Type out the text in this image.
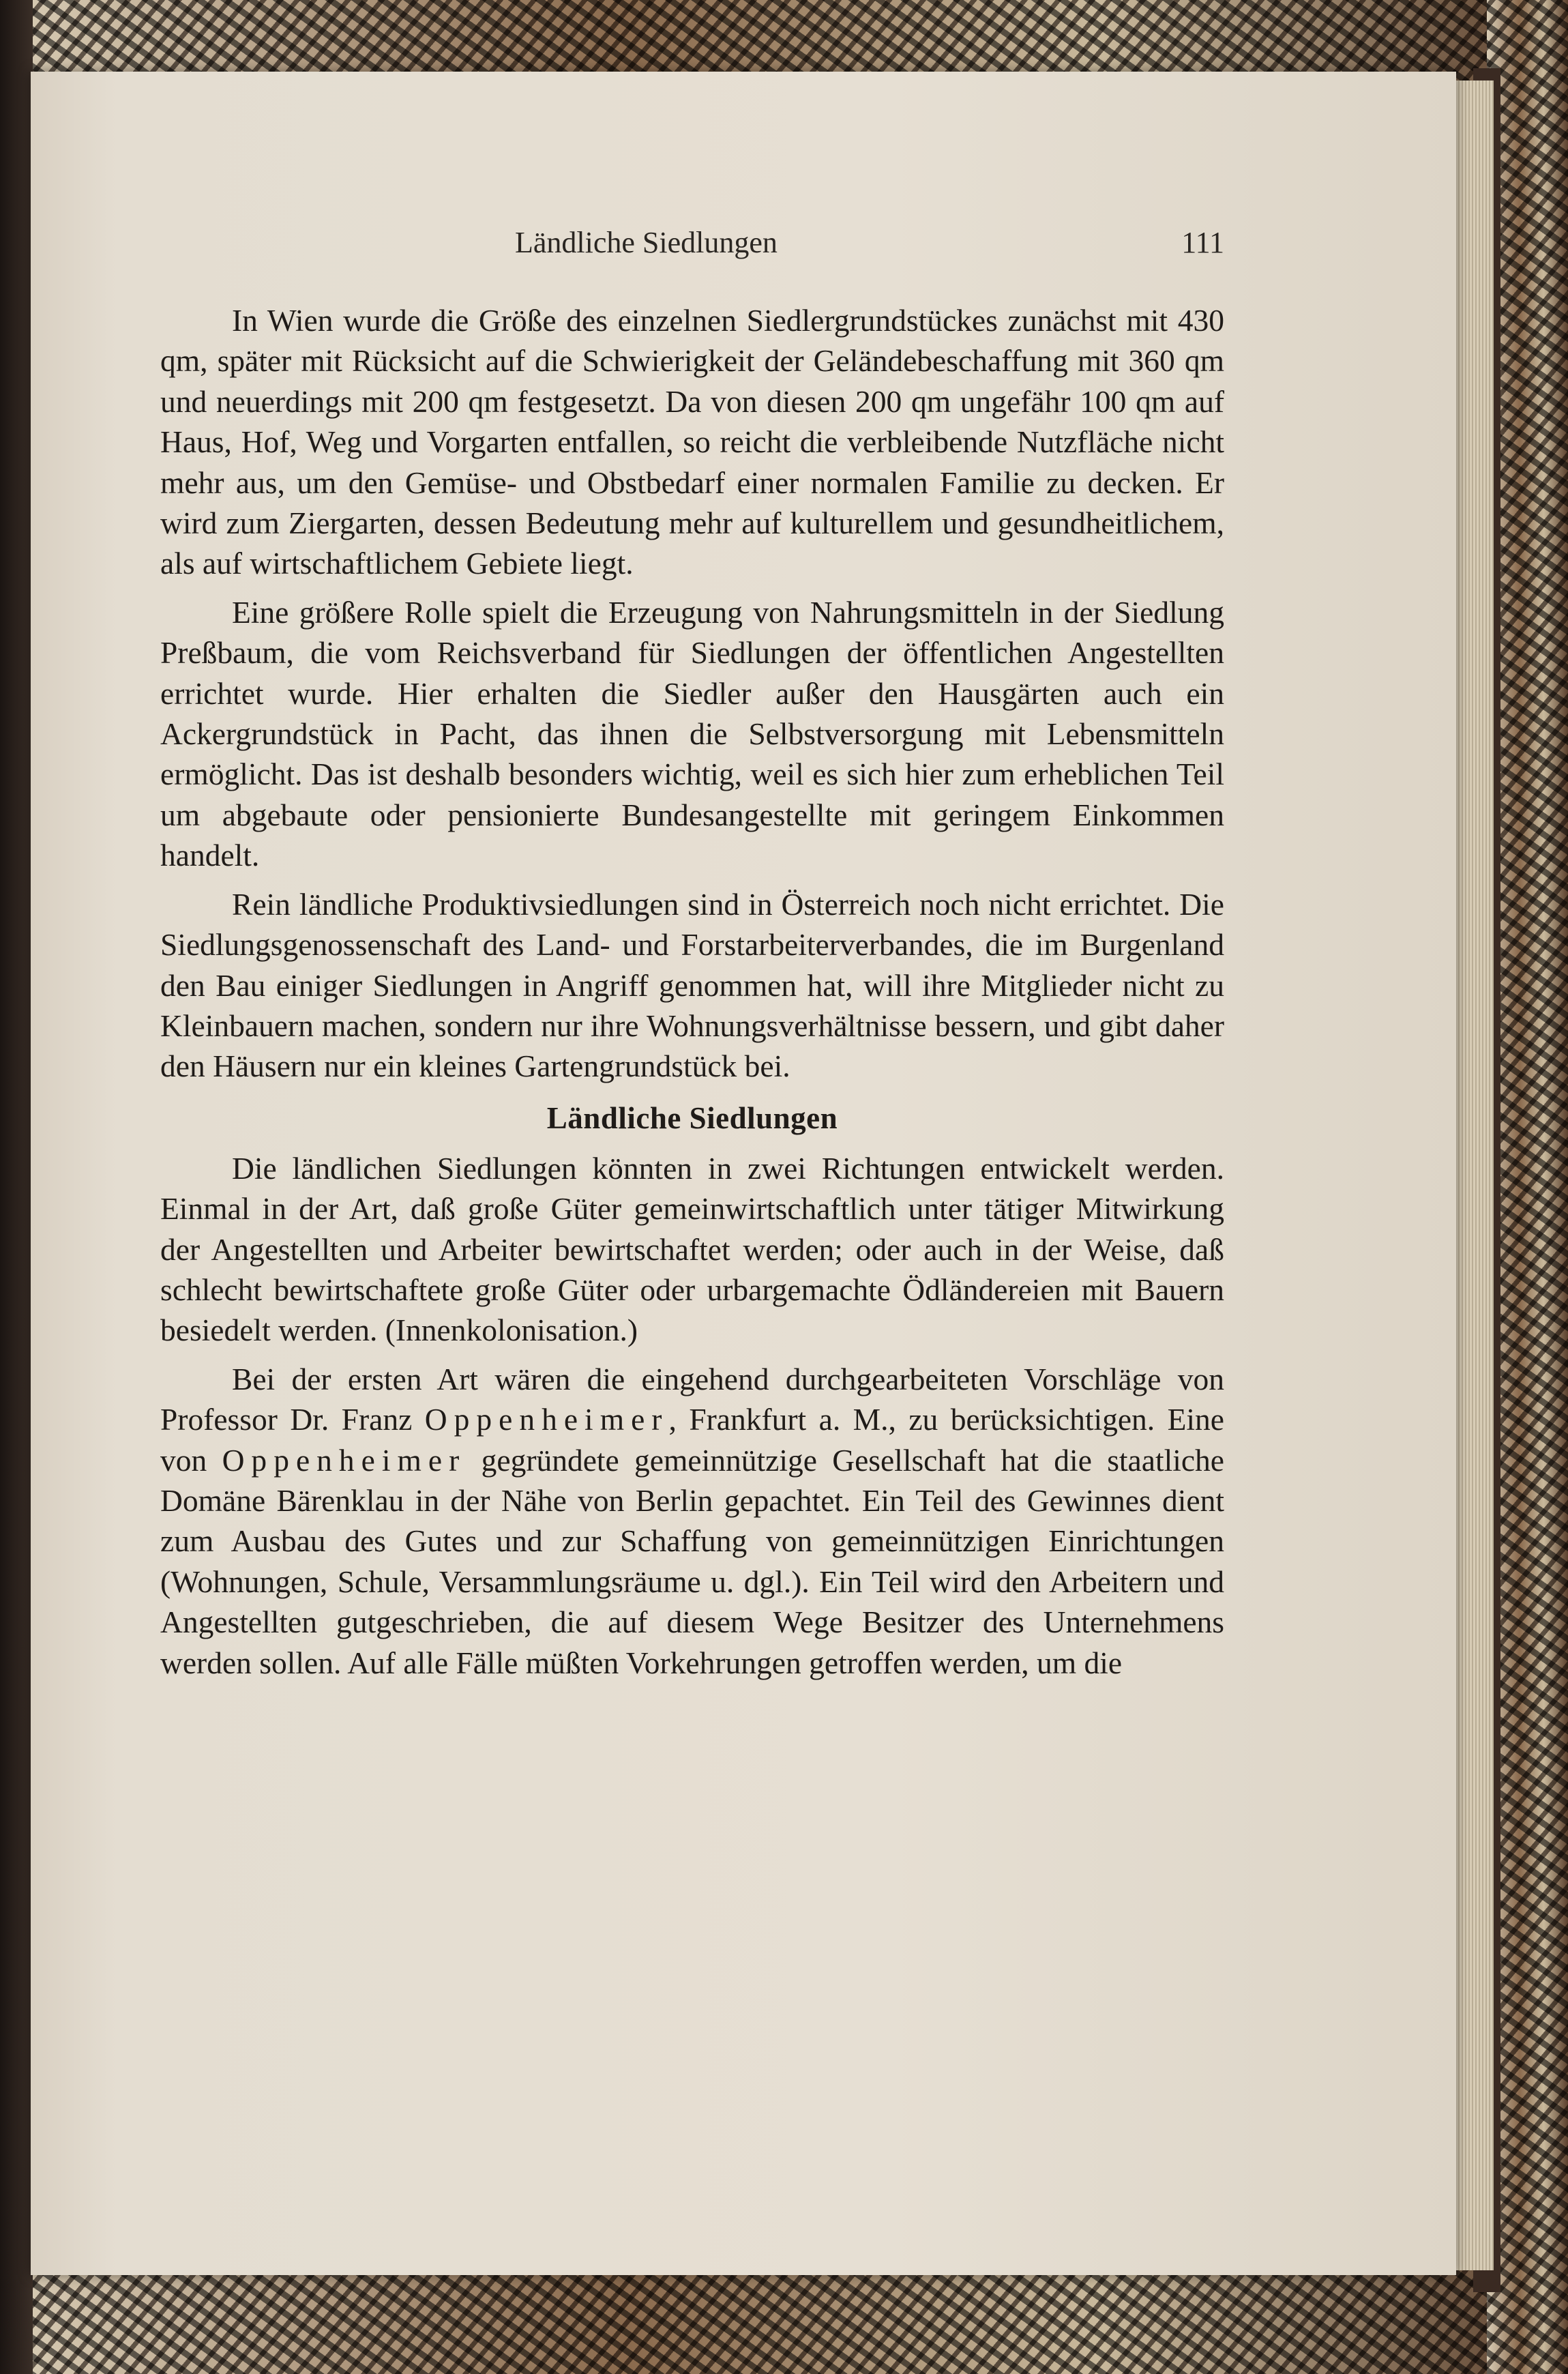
Ländliche Siedlungen	111

In Wien wurde die Größe des einzelnen Siedlergrundstückes zunächst mit 430 qm, später mit Rücksicht auf die Schwierigkeit der Geländebeschaffung mit 360 qm und neuerdings mit 200 qm festgesetzt. Da von diesen 200 qm ungefähr 100 qm auf Haus, Hof, Weg und Vorgarten entfallen, so reicht die verbleibende Nutzfläche nicht mehr aus, um den Gemüse- und Obstbedarf einer normalen Familie zu decken. Er wird zum Ziergarten, dessen Bedeutung mehr auf kulturellem und gesundheitlichem, als auf wirtschaftlichem Gebiete liegt.

Eine größere Rolle spielt die Erzeugung von Nahrungsmitteln in der Siedlung Preßbaum, die vom Reichsverband für Siedlungen der öffentlichen Angestellten errichtet wurde. Hier erhalten die Siedler außer den Hausgärten auch ein Ackergrundstück in Pacht, das ihnen die Selbstversorgung mit Lebensmitteln ermöglicht. Das ist deshalb besonders wichtig, weil es sich hier zum erheblichen Teil um abgebaute oder pensionierte Bundesangestellte mit geringem Einkommen handelt.

Rein ländliche Produktivsiedlungen sind in Österreich noch nicht errichtet. Die Siedlungsgenossenschaft des Land- und Forstarbeiterverbandes, die im Burgenland den Bau einiger Siedlungen in Angriff genommen hat, will ihre Mitglieder nicht zu Kleinbauern machen, sondern nur ihre Wohnungsverhältnisse bessern, und gibt daher den Häusern nur ein kleines Gartengrundstück bei.

Ländliche Siedlungen

Die ländlichen Siedlungen könnten in zwei Richtungen entwickelt werden. Einmal in der Art, daß große Güter gemeinwirtschaftlich unter tätiger Mitwirkung der Angestellten und Arbeiter bewirtschaftet werden; oder auch in der Weise, daß schlecht bewirtschaftete große Güter oder urbargemachte Ödländereien mit Bauern besiedelt werden. (Innenkolonisation.)

Bei der ersten Art wären die eingehend durchgearbeiteten Vorschläge von Professor Dr. Franz Oppenheimer, Frankfurt a. M., zu berücksichtigen. Eine von Oppenheimer gegründete gemeinnützige Gesellschaft hat die staatliche Domäne Bärenklau in der Nähe von Berlin gepachtet. Ein Teil des Gewinnes dient zum Ausbau des Gutes und zur Schaffung von gemeinnützigen Einrichtungen (Wohnungen, Schule, Versammlungsräume u. dgl.). Ein Teil wird den Arbeitern und Angestellten gutgeschrieben, die auf diesem Wege Besitzer des Unternehmens werden sollen. Auf alle Fälle müßten Vorkehrungen getroffen werden, um die
